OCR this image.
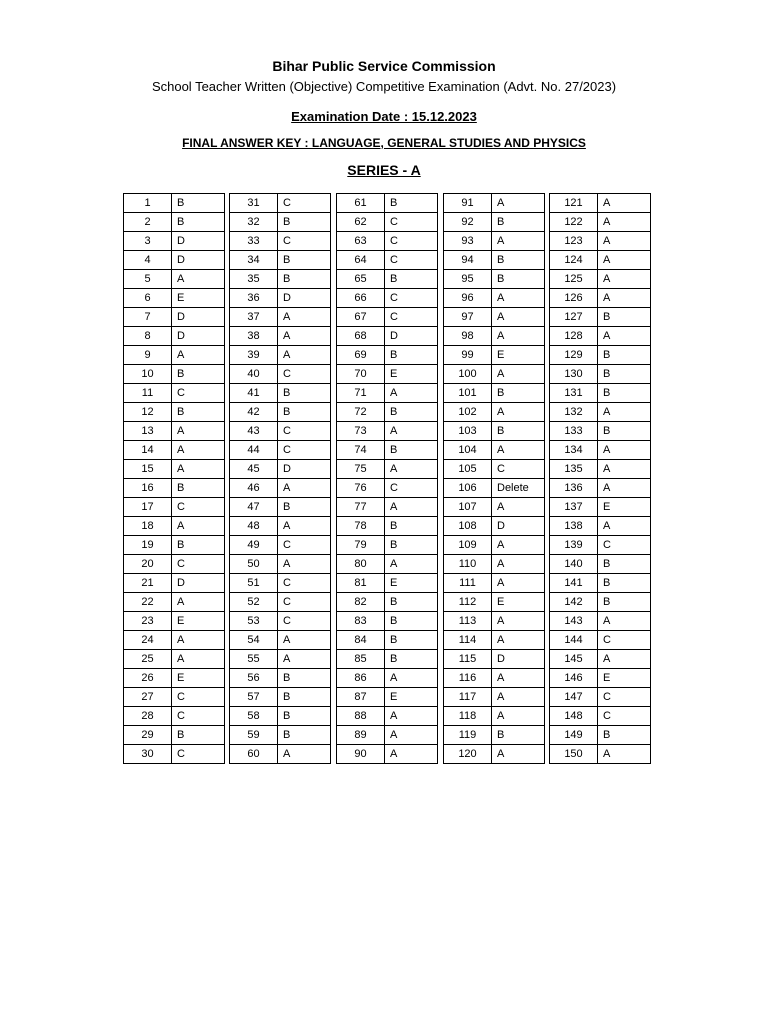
Bihar Public Service Commission
School Teacher Written (Objective) Competitive Examination (Advt. No. 27/2023)
Examination Date : 15.12.2023
FINAL ANSWER KEY : LANGUAGE, GENERAL STUDIES AND PHYSICS
SERIES - A
1	B
2	B
3	D
4	D
5	A
6	E
7	D
8	D
9	A
10	B
11	C
12	B
13	A
14	A
15	A
16	B
17	C
18	A
19	B
20	C
21	D
22	A
23	E
24	A
25	A
26	E
27	C
28	C
29	B
30	C
31	C
32	B
33	C
34	B
35	B
36	D
37	A
38	A
39	A
40	C
41	B
42	B
43	C
44	C
45	D
46	A
47	B
48	A
49	C
50	A
51	C
52	C
53	C
54	A
55	A
56	B
57	B
58	B
59	B
60	A
61	B
62	C
63	C
64	C
65	B
66	C
67	C
68	D
69	B
70	E
71	A
72	B
73	A
74	B
75	A
76	C
77	A
78	B
79	B
80	A
81	E
82	B
83	B
84	B
85	B
86	A
87	E
88	A
89	A
90	A
91	A
92	B
93	A
94	B
95	B
96	A
97	A
98	A
99	E
100	A
101	B
102	A
103	B
104	A
105	C
106	Delete
107	A
108	D
109	A
110	A
111	A
112	E
113	A
114	A
115	D
116	A
117	A
118	A
119	B
120	A
121	A
122	A
123	A
124	A
125	A
126	A
127	B
128	A
129	B
130	B
131	B
132	A
133	B
134	A
135	A
136	A
137	E
138	A
139	C
140	B
141	B
142	B
143	A
144	C
145	A
146	E
147	C
148	C
149	B
150	A
